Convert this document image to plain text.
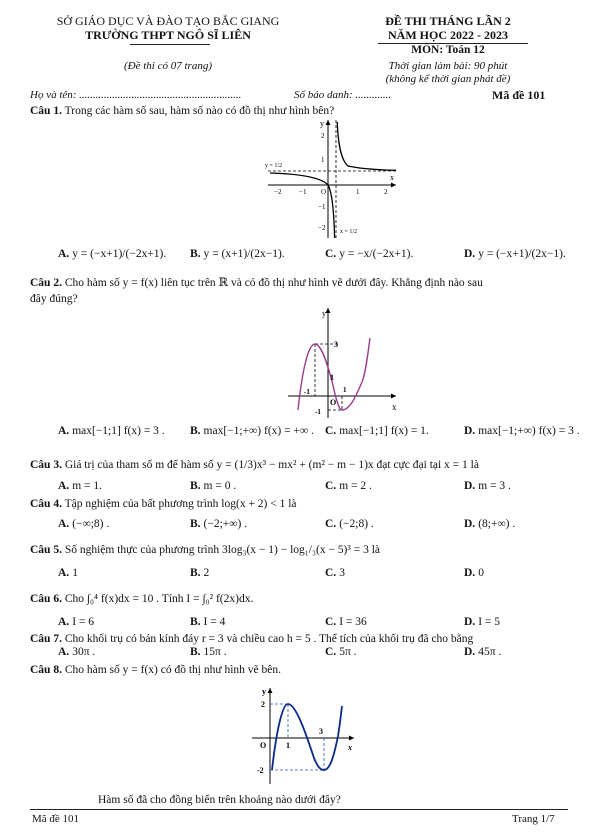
SỞ GIÁO DỤC VÀ ĐÀO TẠO BẮC GIANG
TRƯỜNG THPT NGÔ SĨ LIÊN
(Đề thi có 07 trang)
ĐỀ THI THÁNG LẦN 2
NĂM HỌC 2022 - 2023
MÔN: Toán 12
Thời gian làm bài: 90 phút
(không kể thời gian phát đề)
Họ và tên: ...........................................................	Số báo danh: .............	Mã đề 101
Câu 1. Trong các hàm số sau, hàm số nào có đồ thị như hình bên?
y
x
y = 1/2
x = 1/2
−2	−1 O	1	2
2
1
−1
−2
A. y = (−x+1)/(−2x+1). B. y = (x+1)/(2x−1).	C. y = −x/(−2x+1).	D. y = (−x+1)/(2x−1).
Câu 2. Cho hàm số y = f(x) liên tục trên ℝ và có đồ thị như hình vẽ dưới đây. Khẳng định nào sau
đây đúng?
y
x
3
1
-1
O
-1
1
A. max[−1;1] f(x) = 3 . B. max[−1;+∞) f(x) = +∞ . C. max[−1;1] f(x) = 1.	D. max[−1;+∞) f(x) = 3 .
Câu 3. Giá trị của tham số m để hàm số y = (1/3)x³ − mx² + (m² − m − 1)x đạt cực đại tại x = 1 là
A. m = 1.	B. m = 0 .	C. m = 2 .	D. m = 3 .
Câu 4. Tập nghiệm của bất phương trình log(x + 2) < 1 là
A. (−∞;8) .	B. (−2;+∞) .	C. (−2;8) .	D. (8;+∞) .
Câu 5. Số nghiệm thực của phương trình 3log₃(x − 1) − log₁/₃(x − 5)³ = 3 là
A. 1	B. 2	C. 3	D. 0
Câu 6. Cho ∫₀⁴ f(x)dx = 10 . Tính I = ∫₀² f(2x)dx.
A. I = 6	B. I = 4	C. I = 36	D. I = 5
Câu 7. Cho khối trụ có bán kính đáy r = 3 và chiều cao h = 5 . Thể tích của khối trụ đã cho bằng
A. 30π .	B. 15π .	C. 5π .	D. 45π .
Câu 8. Cho hàm số y = f(x) có đồ thị như hình vẽ bên.
y
x
2
-2
O 1
3
Hàm số đã cho đồng biến trên khoảng nào dưới đây?
Mã đề 101	Trang 1/7
